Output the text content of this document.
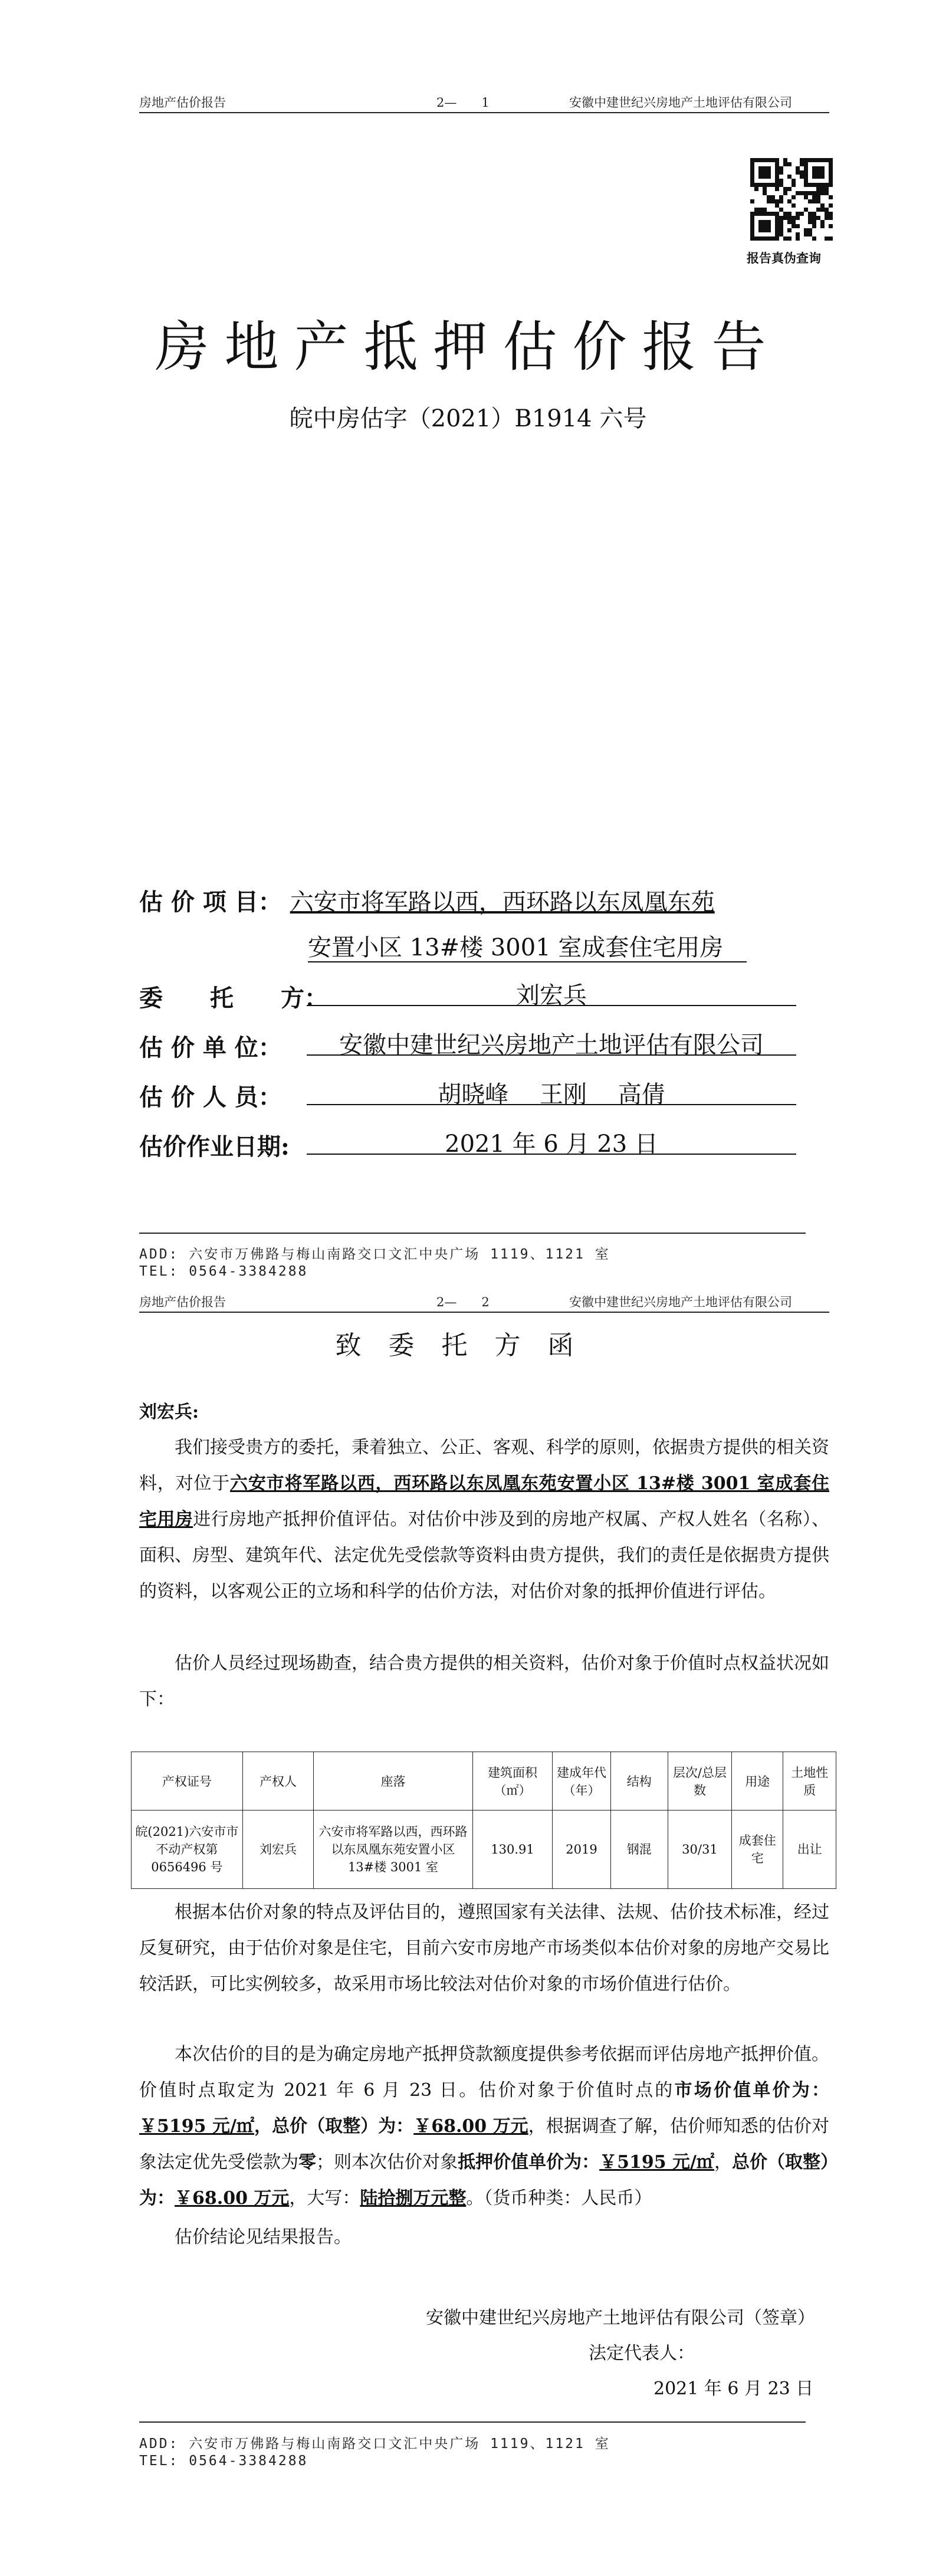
房地产估价报告	2—　　1	安徽中建世纪兴房地产土地评估有限公司
报告真伪查询
房地产抵押估价报告
皖中房估字（2021）B1914 六号
估 价 项 目： 六安市将军路以西，西环路以东凤凰东苑
安置小区 13#楼 3001 室成套住宅用房
委　　托　　方：	刘宏兵
估 价 单 位：	安徽中建世纪兴房地产土地评估有限公司
估 价 人 员：	胡晓峰　 王刚　 高倩
估价作业日期:	2021 年 6 月 23 日
ADD: 六安市万佛路与梅山南路交口文汇中央广场 1119、1121 室
TEL: 0564-3384288
房地产估价报告	2—　　2	安徽中建世纪兴房地产土地评估有限公司
致委托方函
刘宏兵:
我们接受贵方的委托，秉着独立、公正、客观、科学的原则，依据贵方提供的相关资料，对位于六安市将军路以西，西环路以东凤凰东苑安置小区 13#楼 3001 室成套住宅用房进行房地产抵押价值评估。对估价中涉及到的房地产权属、产权人姓名（名称）、面积、房型、建筑年代、法定优先受偿款等资料由贵方提供，我们的责任是依据贵方提供的资料，以客观公正的立场和科学的估价方法，对估价对象的抵押价值进行评估。
估价人员经过现场勘查，结合贵方提供的相关资料，估价对象于价值时点权益状况如下：
产权证号	产权人	座落	建筑面积（㎡）	建成年代（年）	结构	层次/总层数	用途	土地性质
皖(2021)六安市市不动产权第 0656496 号	刘宏兵	六安市将军路以西，西环路以东凤凰东苑安置小区 13#楼 3001 室	130.91	2019	钢混	30/31	成套住宅	出让
根据本估价对象的特点及评估目的，遵照国家有关法律、法规、估价技术标准，经过反复研究，由于估价对象是住宅，目前六安市房地产市场类似本估价对象的房地产交易比较活跃，可比实例较多，故采用市场比较法对估价对象的市场价值进行估价。
本次估价的目的是为确定房地产抵押贷款额度提供参考依据而评估房地产抵押价值。价值时点取定为 2021 年 6 月 23 日。估价对象于价值时点的市场价值单价为：￥5195 元/㎡，总价（取整）为：￥68.00 万元，根据调查了解，估价师知悉的估价对象法定优先受偿款为零；则本次估价对象抵押价值单价为：￥5195 元/㎡，总价（取整）为：￥68.00 万元，大写：陆拾捌万元整。（货币种类：人民币）
估价结论见结果报告。
安徽中建世纪兴房地产土地评估有限公司（签章）
法定代表人：
2021 年 6 月 23 日
ADD: 六安市万佛路与梅山南路交口文汇中央广场 1119、1121 室
TEL: 0564-3384288
